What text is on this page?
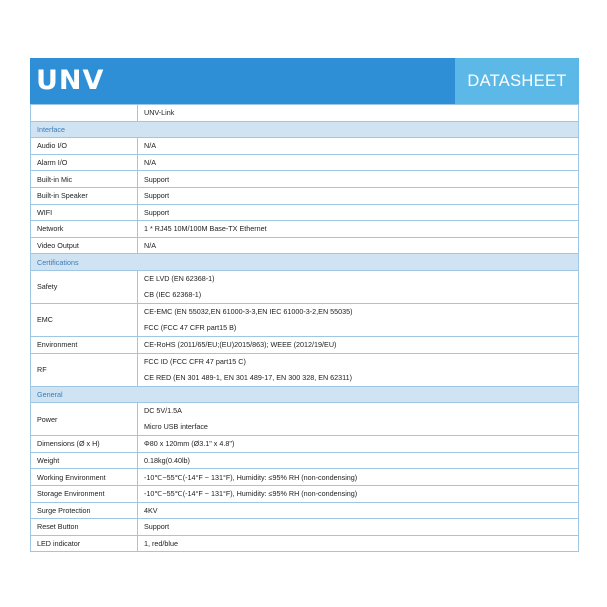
UNV	DATASHEET
	UNV-Link
Interface	
Audio I/O	N/A
Alarm I/O	N/A
Built-in Mic	Support
Built-in Speaker	Support
WIFI	Support
Network	1 * RJ45 10M/100M Base-TX Ethernet
Video Output	N/A
Certifications	
Safety	CE LVD (EN 62368-1)
CB (IEC 62368-1)

EMC	CE-EMC (EN 55032,EN 61000-3-3,EN IEC 61000-3-2,EN 55035)
FCC (FCC 47 CFR part15 B)

Environment	CE-RoHS (2011/65/EU;(EU)2015/863); WEEE (2012/19/EU)
RF	FCC ID (FCC CFR 47 part15 C)
CE RED (EN 301 489-1, EN 301 489-17, EN 300 328, EN 62311)

General	
Power	DC 5V/1.5A
Micro USB interface

Dimensions (Ø x H)	Φ80 x 120mm (Ø3.1" x 4.8")
Weight	0.18kg(0.40lb)
Working Environment	-10℃~55℃(-14°F ~ 131°F), Humidity: ≤95% RH (non-condensing)
Storage Environment	-10℃~55℃(-14°F ~ 131°F), Humidity: ≤95% RH (non-condensing)
Surge Protection	4KV
Reset Button	Support
LED indicator	1, red/blue
